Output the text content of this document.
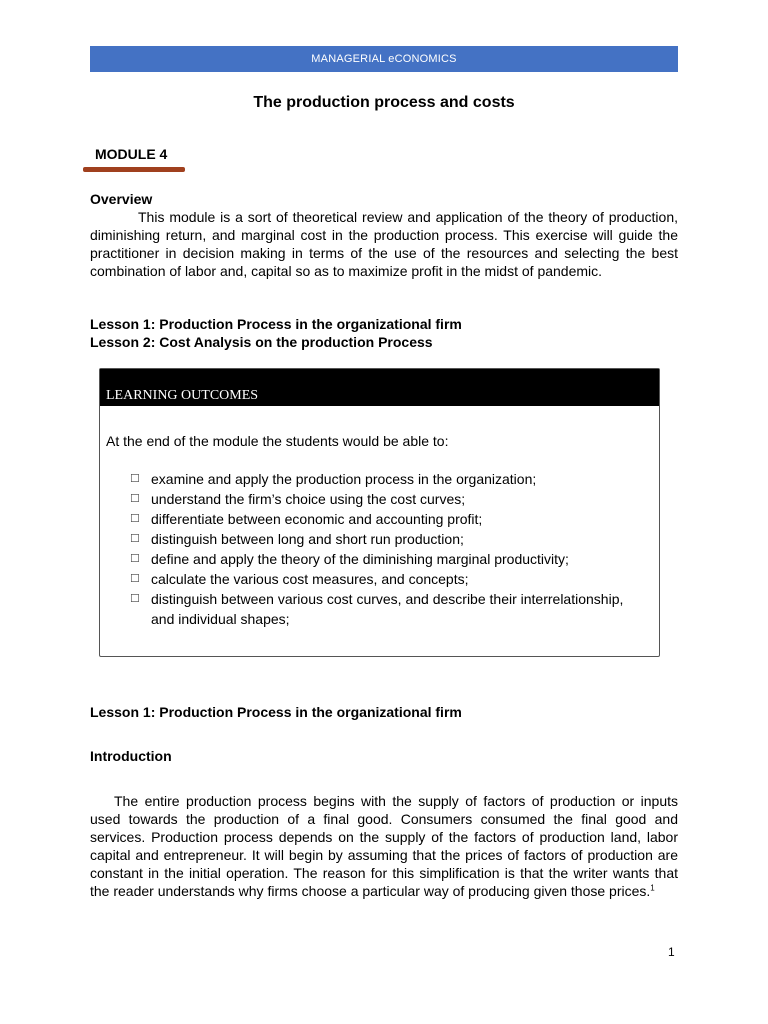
MANAGERIAL eCONOMICS
The production process and costs
MODULE 4
Overview
This module is a sort of theoretical review and application of the theory of production, diminishing return, and marginal cost in the production process. This exercise will guide the practitioner in decision making in terms of the use of the resources and selecting the best combination of labor and, capital so as to maximize profit in the midst of pandemic.
Lesson 1: Production Process in the organizational firm
Lesson 2: Cost Analysis on the production Process
LEARNING OUTCOMES
At the end of the module the students would be able to:
☐ examine and apply the production process in the organization;
☐ understand the firm’s choice using the cost curves;
☐ differentiate between economic and accounting profit;
☐ distinguish between long and short run production;
☐ define and apply the theory of the diminishing marginal productivity;
☐ calculate the various cost measures, and concepts;
☐ distinguish between various cost curves, and describe their interrelationship, and individual shapes;
Lesson 1: Production Process in the organizational firm
Introduction
The entire production process begins with the supply of factors of production or inputs used towards the production of a final good. Consumers consumed the final good and services. Production process depends on the supply of the factors of production land, labor capital and entrepreneur. It will begin by assuming that the prices of factors of production are constant in the initial operation. The reason for this simplification is that the writer wants that the reader understands why firms choose a particular way of producing given those prices.$^1$
1
